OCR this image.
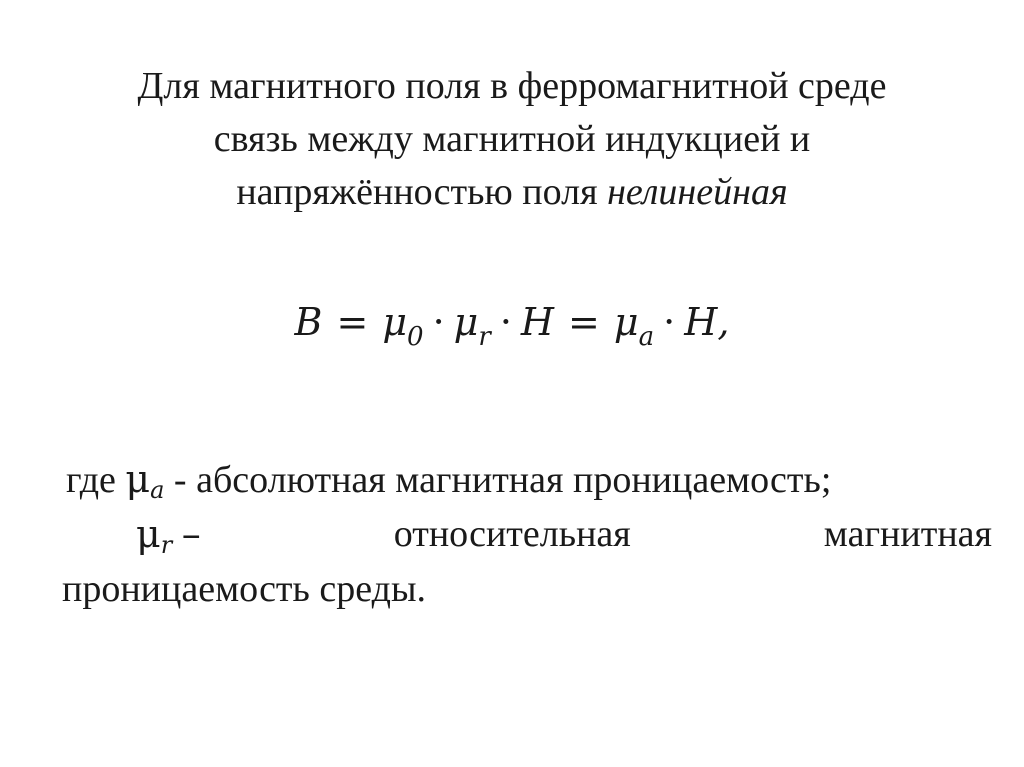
Для магнитного поля в ферромагнитной среде
связь между магнитной индукцией и
напряжённостью поля нелинейная
$B = \mu_0 \cdot \mu_r \cdot H = \mu_a \cdot H$,
где $\mu_a$ - абсолютная магнитная проницаемость;
$\mu_r$ –	относительная	магнитная
проницаемость среды.
